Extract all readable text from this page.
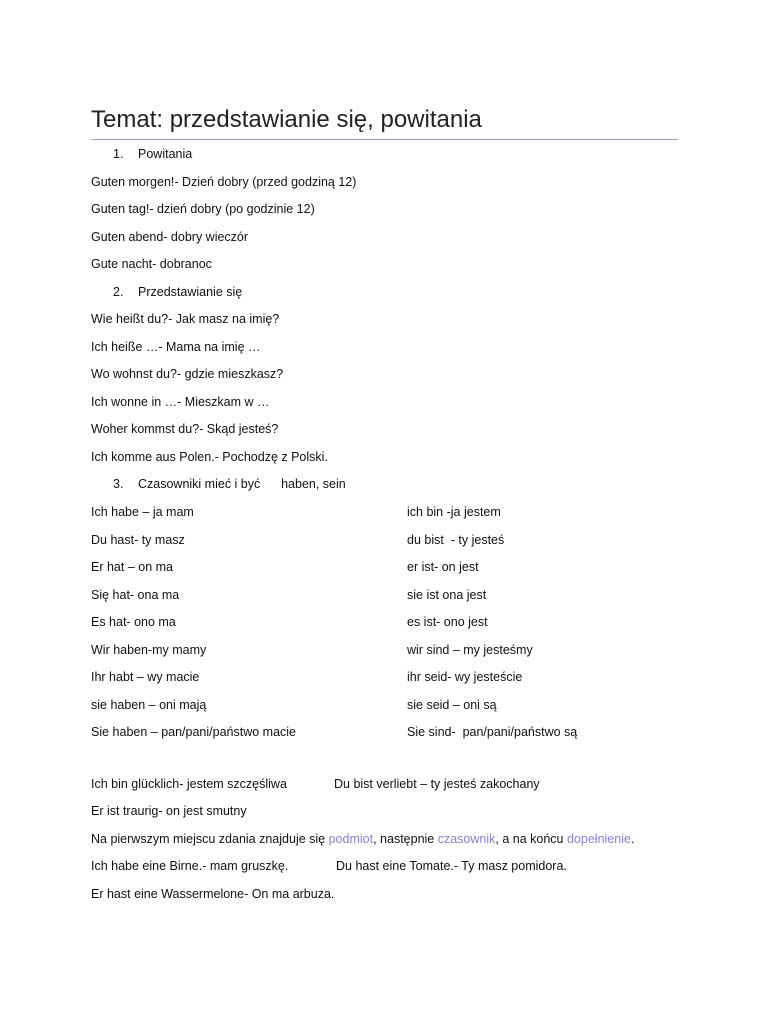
Temat: przedstawianie się, powitania
1. Powitania
Guten morgen!- Dzień dobry (przed godziną 12)
Guten tag!- dzień dobry (po godzinie 12)
Guten abend- dobry wieczór
Gute nacht- dobranoc
2. Przedstawianie się
Wie heißt du?- Jak masz na imię?
Ich heiße …- Mama na imię …
Wo wohnst du?- gdzie mieszkasz?
Ich wonne in …- Mieszkam w …
Woher kommst du?- Skąd jesteś?
Ich komme aus Polen.- Pochodzę z Polski.
3. Czasowniki mieć i być      haben, sein
Ich habe – ja mam	ich bin -ja jestem
Du hast- ty masz	du bist  - ty jesteś
Er hat – on ma	er ist- on jest
Się hat- ona ma	sie ist ona jest
Es hat- ono ma	es ist- ono jest
Wir haben-my mamy	wir sind – my jesteśmy
Ihr habt – wy macie	ihr seid- wy jesteście
sie haben – oni mają	sie seid – oni są
Sie haben – pan/pani/państwo macie	Sie sind-  pan/pani/państwo są
Ich bin glücklich- jestem szczęśliwa	Du bist verliebt – ty jesteś zakochany
Er ist traurig- on jest smutny
Na pierwszym miejscu zdania znajduje się podmiot, następnie czasownik, a na końcu dopełnienie.
Ich habe eine Birne.- mam gruszkę.	Du hast eine Tomate.- Ty masz pomidora.
Er hast eine Wassermelone- On ma arbuza.
